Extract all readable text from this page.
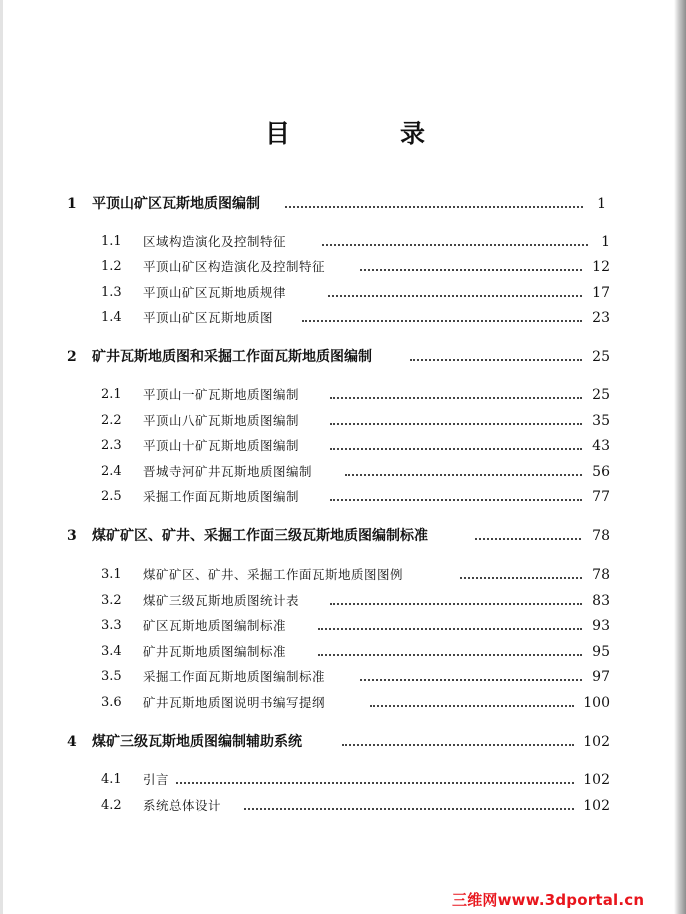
目	录
1 平顶山矿区瓦斯地质图编制	1
1.1 区域构造演化及控制特征	1
1.2 平顶山矿区构造演化及控制特征	12
1.3 平顶山矿区瓦斯地质规律	17
1.4 平顶山矿区瓦斯地质图	23
2 矿井瓦斯地质图和采掘工作面瓦斯地质图编制	25
2.1 平顶山一矿瓦斯地质图编制	25
2.2 平顶山八矿瓦斯地质图编制	35
2.3 平顶山十矿瓦斯地质图编制	43
2.4 晋城寺河矿井瓦斯地质图编制	56
2.5 采掘工作面瓦斯地质图编制	77
3 煤矿矿区、矿井、采掘工作面三级瓦斯地质图编制标准	78
3.1 煤矿矿区、矿井、采掘工作面瓦斯地质图图例	78
3.2 煤矿三级瓦斯地质图统计表	83
3.3 矿区瓦斯地质图编制标准	93
3.4 矿井瓦斯地质图编制标准	95
3.5 采掘工作面瓦斯地质图编制标准	97
3.6 矿井瓦斯地质图说明书编写提纲	100
4 煤矿三级瓦斯地质图编制辅助系统	102
4.1 引言	102
4.2 系统总体设计	102
三维网www.3dportal.cn
